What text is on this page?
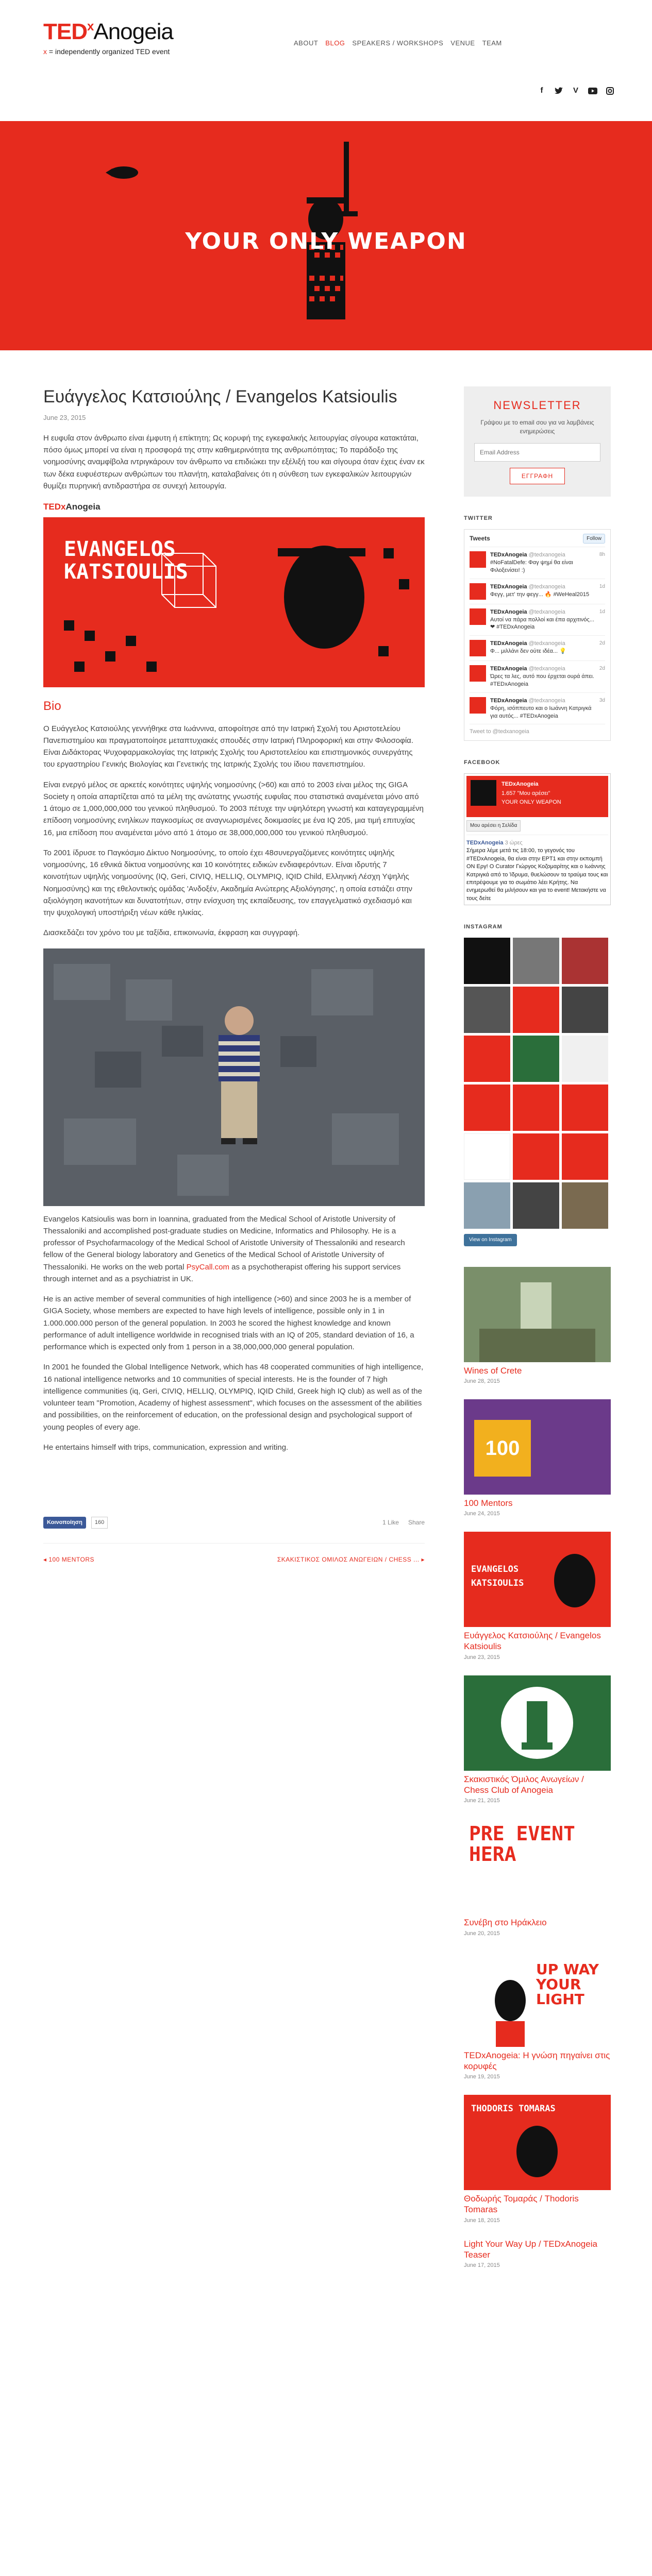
TED$^x$Anogeia
x = independently organized TED event
ABOUT BLOG SPEAKERS / WORKSHOPS VENUE TEAM
f	V
YOUR ONLY WEAPON
Ευάγγελος Κατσιούλης / Evangelos Katsioulis
June 23, 2015

Η ευφυΐα στον άνθρωπο είναι έμφυτη ή επίκτητη; Ως κορυφή της εγκεφαλικής λειτουργίας σίγουρα κατακτάται, πόσο όμως μπορεί να είναι η προσφορά της στην καθημερινότητα της ανθρωπότητας; Το παράδοξο της νοημοσύνης αναμφίβολα ιντριγκάρουν τον άνθρωπο να επιδιώκει την εξέλιξή του και σίγουρα όταν έχεις έναν εκ των δέκα ευφυέστερων ανθρώπων του πλανήτη, καταλαβαίνεις ότι η σύνθεση των εγκεφαλικών λειτουργιών θυμίζει πυρηνική αντιδραστήρα σε συνεχή λειτουργία.

TEDxAnogeia
EVANGELOS
KATSIOULIS
Bio

Ο Ευάγγελος Κατσιούλης γεννήθηκε στα Ιωάννινα, αποφοίτησε από την Ιατρική Σχολή του Αριστοτελείου Πανεπιστημίου και πραγματοποίησε μεταπτυχιακές σπουδές στην Ιατρική Πληροφορική και στην Φιλοσοφία. Είναι Διδάκτορας Ψυχοφαρμακολογίας της Ιατρικής Σχολής του Αριστοτελείου και επιστημονικός συνεργάτης του εργαστηρίου Γενικής Βιολογίας και Γενετικής της Ιατρικής Σχολής του ίδιου πανεπιστημίου.

Είναι ενεργό μέλος σε αρκετές κοινότητες υψηλής νοημοσύνης (>60) και από το 2003 είναι μέλος της GIGA Society η οποία απαρτίζεται από τα μέλη της ανώτατης γνωστής ευφυΐας που στατιστικά αναμένεται μόνο από 1 άτομο σε 1,000,000,000 του γενικού πληθυσμού. Το 2003 πέτυχε την υψηλότερη γνωστή και καταγεγραμμένη επίδοση νοημοσύνης ενηλίκων παγκοσμίως σε αναγνωρισμένες δοκιμασίες με ένα IQ 205, μια τιμή επιτυχίας 16, μια επίδοση που αναμένεται μόνο από 1 άτομο σε 38,000,000,000 του γενικού πληθυσμού.

Το 2001 ίδρυσε το Παγκόσμιο Δίκτυο Νοημοσύνης, το οποίο έχει 48συνεργαζόμενες κοινότητες υψηλής νοημοσύνης, 16 εθνικά δίκτυα νοημοσύνης και 10 κοινότητες ειδικών ενδιαφερόντων. Είναι ιδρυτής 7 κοινοτήτων υψηλής νοημοσύνης (IQ, Geri, CIVIQ, HELLIQ, OLYMPIQ, IQID Child, Ελληνική Λέσχη Υψηλής Νοημοσύνης) και της εθελοντικής ομάδας 'Ανδοξέν, Ακαδημία Ανώτερης Αξιολόγησης', η οποία εστιάζει στην αξιολόγηση ικανοτήτων και δυνατοτήτων, στην ενίσχυση της εκπαίδευσης, τον επαγγελματικό σχεδιασμό και την ψυχολογική υποστήριξη νέων κάθε ηλικίας.

Διασκεδάζει τον χρόνο του με ταξίδια, επικοινωνία, έκφραση και συγγραφή.

Evangelos Katsioulis was born in Ioannina, graduated from the Medical School of Aristotle University of Thessaloniki and accomplished post-graduate studies on Medicine, Informatics and Philosophy. He is a professor of Psychofarmacology of the Medical School of Aristotle University of Thessaloniki and research fellow of the General biology laboratory and Genetics of the Medical School of Aristotle University of Thessaloniki. He works on the web portal PsyCall.com as a psychotherapist offering his support services through internet and as a psychiatrist in UK.

He is an active member of several communities of high intelligence (>60) and since 2003 he is a member of GIGA Society, whose members are expected to have high levels of intelligence, possible only in 1 in 1.000.000.000 person of the general population. In 2003 he scored the highest knowledge and known performance of adult intelligence worldwide in recognised trials with an IQ of 205, standard deviation of 16, a performance which is expected only from 1 person in a 38,000,000,000 general population.

In 2001 he founded the Global Intelligence Network, which has 48 cooperated communities of high intelligence, 16 national intelligence networks and 10 communities of special interests. He is the founder of 7 high intelligence communities (iq, Geri, CIVIQ, HELLIQ, OLYMPIQ, IQID Child, Greek high IQ club) as well as of the volunteer team "Promotion, Academy of highest assessment", which focuses on the assessment of the abilities and possibilities, on the reinforcement of education, on the professional design and psychological support of young peoples of every age.

He entertains himself with trips, communication, expression and writing.

Κοινοποίηση	160	1 Like Share
◂ 100 MENTORS	ΣΚΑΚΙΣΤΙΚΟΣ ΟΜΙΛΟΣ ΑΝΩΓΕΙΩΝ / CHESS ... ▸
NEWSLETTER
Γράψου με το email σου για να λαμβάνεις ενημερώσεις
Email Address ΕΓΓΡΑΦΗ
TWITTER
Tweets	Follow
TEDxAnogeia @tedxanogeia
#NoFatalDefe: Φαγ ψημί θα είναι Φιλοξενίσει! :)
8h
TEDxAnogeia @tedxanogeia
Φεγγ, μετ' την φεγγ... 🔥 #WeHeal2015
1d
TEDxAnogeia @tedxanogeia
Αυτοί να πάρα πολλοί και έπα αρχιτινός... ❤ #TEDxAnogeia
1d
TEDxAnogeia @tedxanogeia
Φ... μιλλάνι δεν ούτε ιδέα... 💡
2d
TEDxAnogeia @tedxanogeia
Ώρες τα λες, αυτό που έρχεται ουρά άπει. #TEDxAnogeia
2d
TEDxAnogeia @tedxanogeia
Φόρη, ισόππευτο και ο Ιωάννη Κατριγκά για αυτός... #TEDxAnogeia
3d
Tweet to @tedxanogeia
FACEBOOK
TEDxAnogeia
1.657 "Μου αρέσει"
YOUR ONLY WEAPON
Μου αρέσει η Σελίδα
TEDxAnogeia 3 ώρες
Σήμερα λέμε μετά τις 18:00, το γεγονός του #TEDxAnogeia, θα είναι στην ΕΡΤ1 και στην εκπομπή ON Εργ! Ο Curator Γιώργος Κοζομαρίτης και ο Ιωάννης Κατριγκά από το Ίδρυμα, θυελώσουν τα τραύμα τους και επιτρέψουμε για το σωμάτιο λέει Κρήτης. Να ενημερωθεί θα μιλήσουν και για το event! Μετακήστε να τους δείτε
INSTAGRAM
View on Instagram
Wines of Crete
June 28, 2015
100
100 Mentors
June 24, 2015
EVANGELOS KATSIOULIS
Ευάγγελος Κατσιούλης / Evangelos Katsioulis
June 23, 2015
Σκακιστικός Όμιλος Ανωγείων / Chess Club of Anogeia
June 21, 2015
PRE EVENT HERA
Συνέβη στο Ηράκλειο
June 20, 2015
UP WAY YOUR LIGHT
TEDxAnogeia: Η γνώση πηγαίνει στις κορυφές
June 19, 2015
THODORIS TOMARAS
Θοδωρής Τομαράς / Thodoris Tomaras
June 18, 2015
Light Your Way Up / TEDxAnogeia Teaser
June 17, 2015
